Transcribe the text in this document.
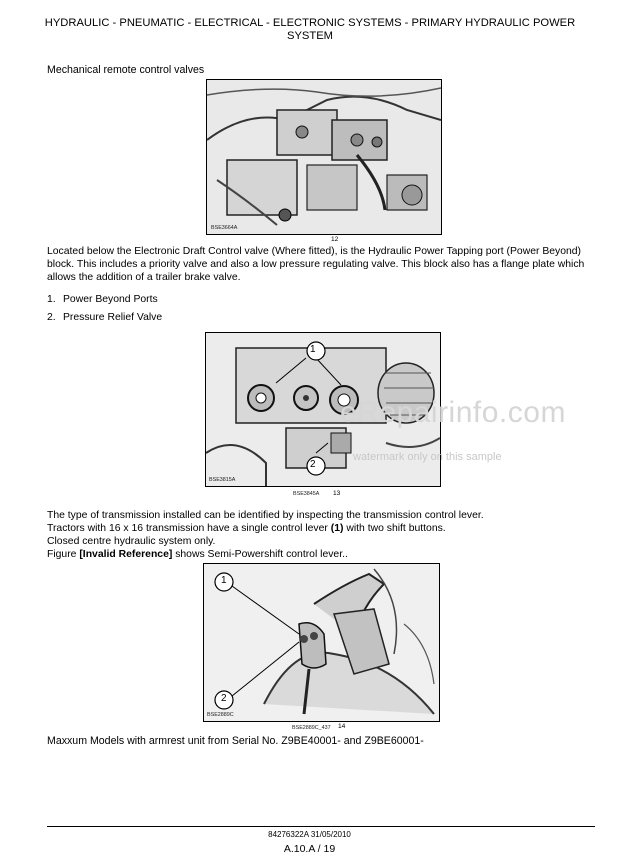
HYDRAULIC - PNEUMATIC - ELECTRICAL - ELECTRONIC SYSTEMS - PRIMARY HYDRAULIC POWER
SYSTEM
Mechanical remote control valves
BSE3664A
12
Located below the Electronic Draft Control valve (Where fitted), is the Hydraulic Power Tapping port (Power Beyond) block. This includes a priority valve and also a low pressure regulating valve. This block also has a flange plate which allows the addition of a trailer brake valve.
1. Power Beyond Ports
2. Pressure Relief Valve
1
2
BSE3815A
BSE3845A 13
eRepairinfo.com
watermark only on this sample
The type of transmission installed can be identified by inspecting the transmission control lever.
Tractors with 16 x 16 transmission have a single control lever (1) with two shift buttons.
Closed centre hydraulic system only.
Figure [Invalid Reference] shows Semi-Powershift control lever..
1
2
BSE2889C
BSE2889C_437 14
Maxxum Models with armrest unit from Serial No. Z9BE40001- and Z9BE60001-
84276322A 31/05/2010
A.10.A / 19
